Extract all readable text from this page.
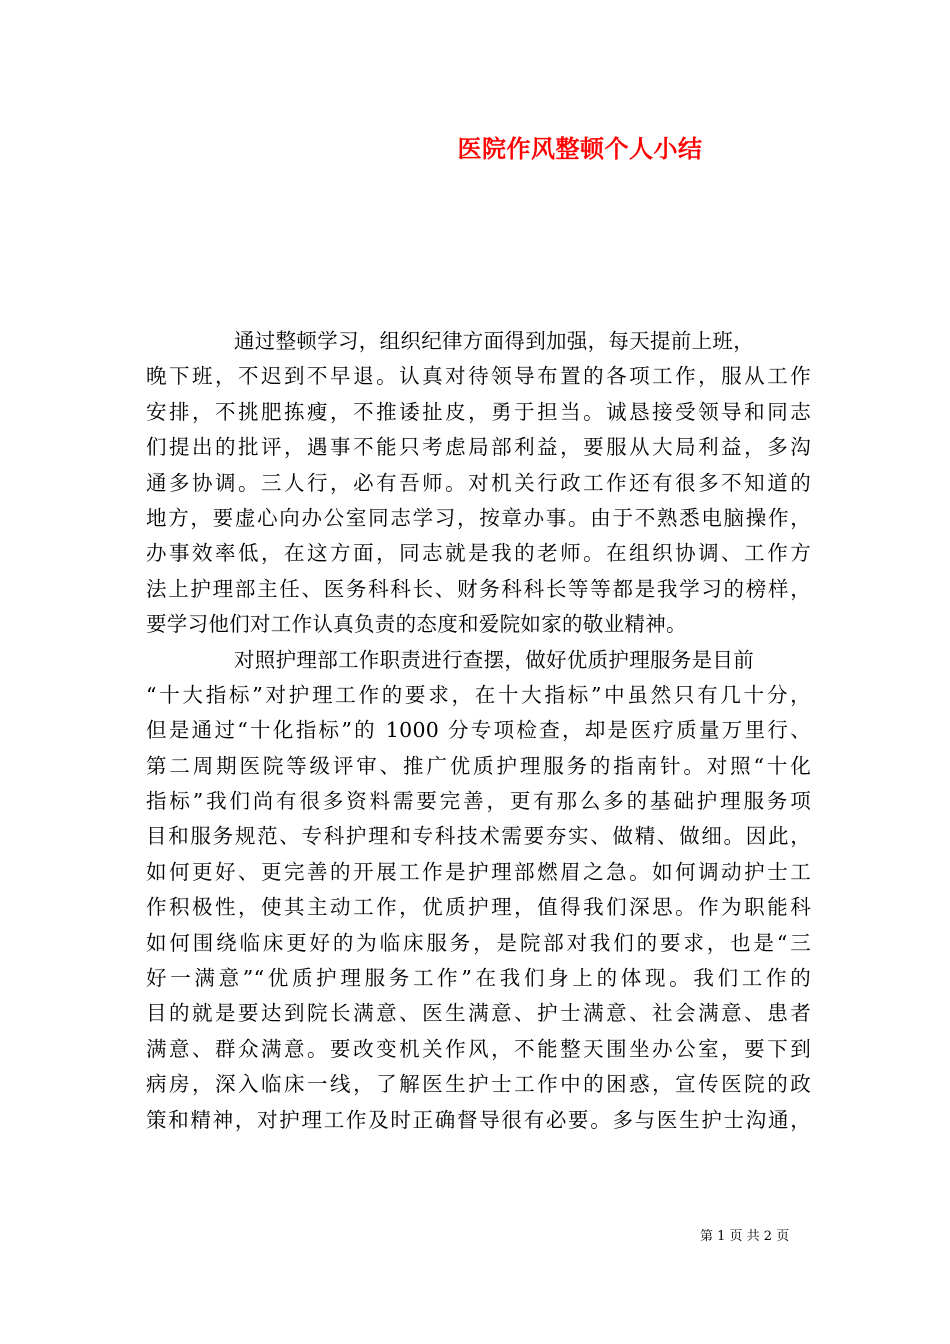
医院作风整顿个人小结
通过整顿学习，组织纪律方面得到加强，每天提前上班，
晚下班，不迟到不早退。认真对待领导布置的各项工作，服从工作
安排，不挑肥拣瘦，不推诿扯皮，勇于担当。诚恳接受领导和同志
们提出的批评，遇事不能只考虑局部利益，要服从大局利益，多沟
通多协调。三人行，必有吾师。对机关行政工作还有很多不知道的
地方，要虚心向办公室同志学习，按章办事。由于不熟悉电脑操作，
办事效率低，在这方面，同志就是我的老师。在组织协调、工作方
法上护理部主任、医务科科长、财务科科长等等都是我学习的榜样，
要学习他们对工作认真负责的态度和爱院如家的敬业精神。
对照护理部工作职责进行查摆，做好优质护理服务是目前
“十大指标”对护理工作的要求，在十大指标”中虽然只有几十分，
但是通过“十化指标”的 1000 分专项检查，却是医疗质量万里行、
第二周期医院等级评审、推广优质护理服务的指南针。对照“十化
指标”我们尚有很多资料需要完善，更有那么多的基础护理服务项
目和服务规范、专科护理和专科技术需要夯实、做精、做细。因此，
如何更好、更完善的开展工作是护理部燃眉之急。如何调动护士工
作积极性，使其主动工作，优质护理，值得我们深思。作为职能科
如何围绕临床更好的为临床服务，是院部对我们的要求，也是“三
好一满意”“优质护理服务工作”在我们身上的体现。我们工作的
目的就是要达到院长满意、医生满意、护士满意、社会满意、患者
满意、群众满意。要改变机关作风，不能整天围坐办公室，要下到
病房，深入临床一线，了解医生护士工作中的困惑，宣传医院的政
策和精神，对护理工作及时正确督导很有必要。多与医生护士沟通，
第 1 页 共 2 页
